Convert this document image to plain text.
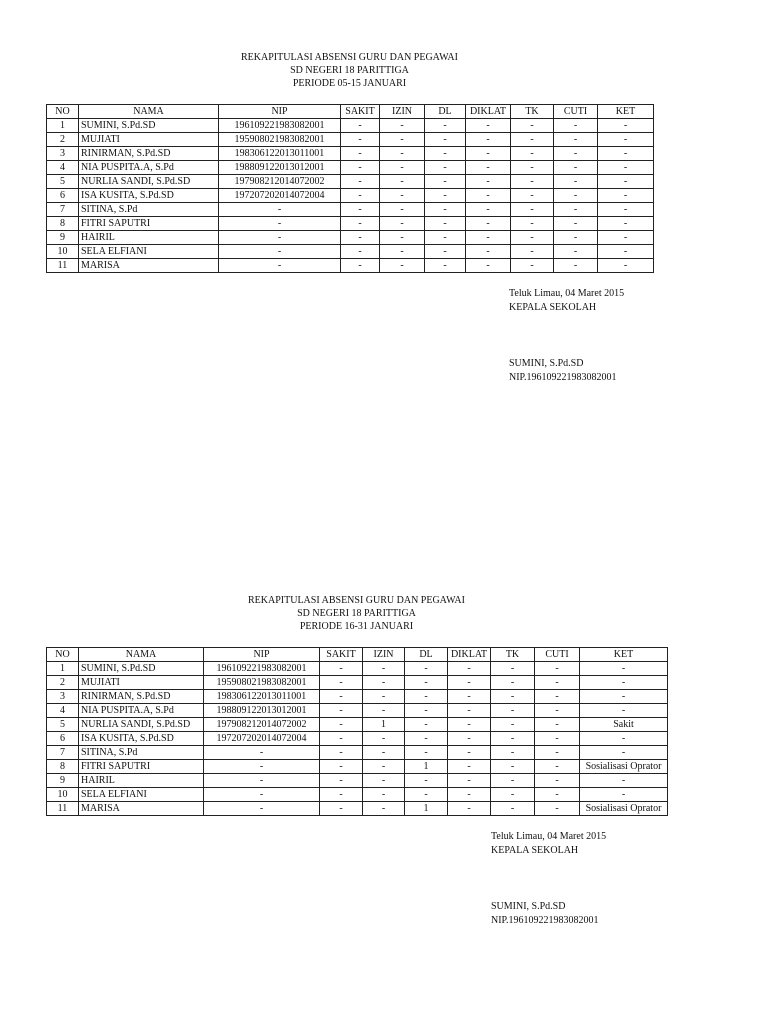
REKAPITULASI ABSENSI GURU DAN PEGAWAI
SD NEGERI 18 PARITTIGA
PERIODE 05-15 JANUARI
NO	NAMA	NIP	SAKIT	IZIN	DL	DIKLAT	TK	CUTI	KET
1	SUMINI, S.Pd.SD	196109221983082001	-	-	-	-	-	-	-
2	MUJIATI	195908021983082001	-	-	-	-	-	-	-
3	RINIRMAN, S.Pd.SD	198306122013011001	-	-	-	-	-	-	-
4	NIA PUSPITA.A, S.Pd	198809122013012001	-	-	-	-	-	-	-
5	NURLIA SANDI, S.Pd.SD	197908212014072002	-	-	-	-	-	-	-
6	ISA KUSITA, S.Pd.SD	197207202014072004	-	-	-	-	-	-	-
7	SITINA, S.Pd	-	-	-	-	-	-	-	-
8	FITRI SAPUTRI	-	-	-	-	-	-	-	-
9	HAIRIL	-	-	-	-	-	-	-	-
10	SELA ELFIANI	-	-	-	-	-	-	-	-
11	MARISA	-	-	-	-	-	-	-	-
Teluk Limau, 04 Maret 2015
KEPALA SEKOLAH
SUMINI, S.Pd.SD
NIP.196109221983082001
REKAPITULASI ABSENSI GURU DAN PEGAWAI
SD NEGERI 18 PARITTIGA
PERIODE 16-31 JANUARI
NO	NAMA	NIP	SAKIT	IZIN	DL	DIKLAT	TK	CUTI	KET
1	SUMINI, S.Pd.SD	196109221983082001	-	-	-	-	-	-	-
2	MUJIATI	195908021983082001	-	-	-	-	-	-	-
3	RINIRMAN, S.Pd.SD	198306122013011001	-	-	-	-	-	-	-
4	NIA PUSPITA.A, S.Pd	198809122013012001	-	-	-	-	-	-	-
5	NURLIA SANDI, S.Pd.SD	197908212014072002	-	1	-	-	-	-	Sakit
6	ISA KUSITA, S.Pd.SD	197207202014072004	-	-	-	-	-	-	-
7	SITINA, S.Pd	-	-	-	-	-	-	-	-
8	FITRI SAPUTRI	-	-	-	1	-	-	-	Sosialisasi Oprator
9	HAIRIL	-	-	-	-	-	-	-	-
10	SELA ELFIANI	-	-	-	-	-	-	-	-
11	MARISA	-	-	-	1	-	-	-	Sosialisasi Oprator
Teluk Limau, 04 Maret 2015
KEPALA SEKOLAH
SUMINI, S.Pd.SD
NIP.196109221983082001
